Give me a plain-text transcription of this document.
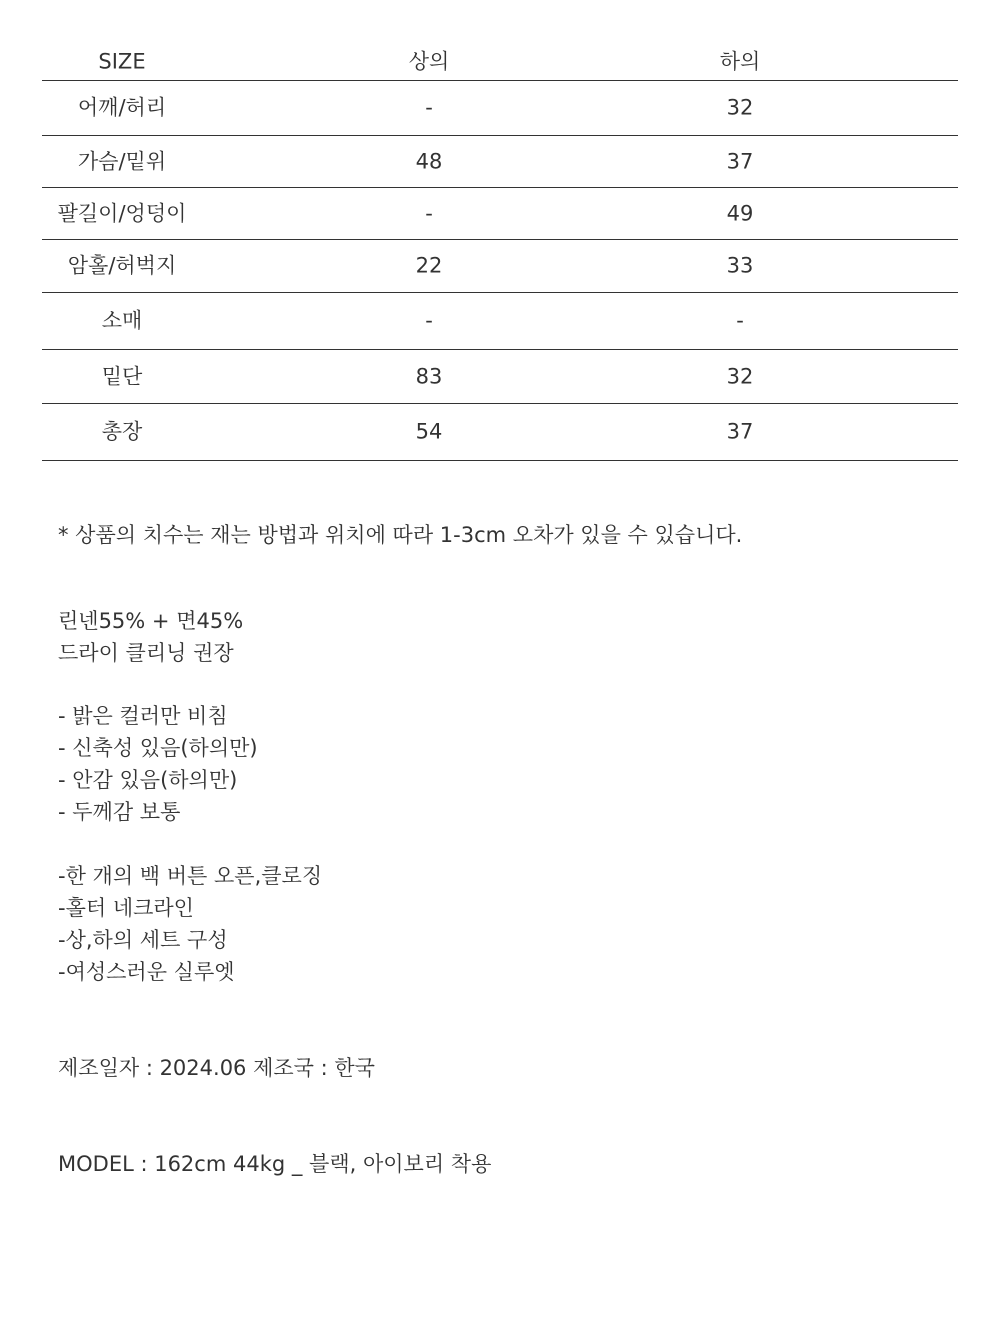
SIZE	상의	하의
어깨/허리	-	32
가슴/밑위	48	37
팔길이/엉덩이	-	49
암홀/허벅지	22	33
소매	-	-
밑단	83	32
총장	54	37
* 상품의 치수는 재는 방법과 위치에 따라 1-3cm 오차가 있을 수 있습니다.
린넨55% + 면45%
드라이 클리닝 권장
- 밝은 컬러만 비침
- 신축성 있음(하의만)
- 안감 있음(하의만)
- 두께감 보통
-한 개의 백 버튼 오픈,클로징
-홀터 네크라인
-상,하의 세트 구성
-여성스러운 실루엣
제조일자 : 2024.06 제조국 : 한국
MODEL : 162cm 44kg _ 블랙, 아이보리 착용
